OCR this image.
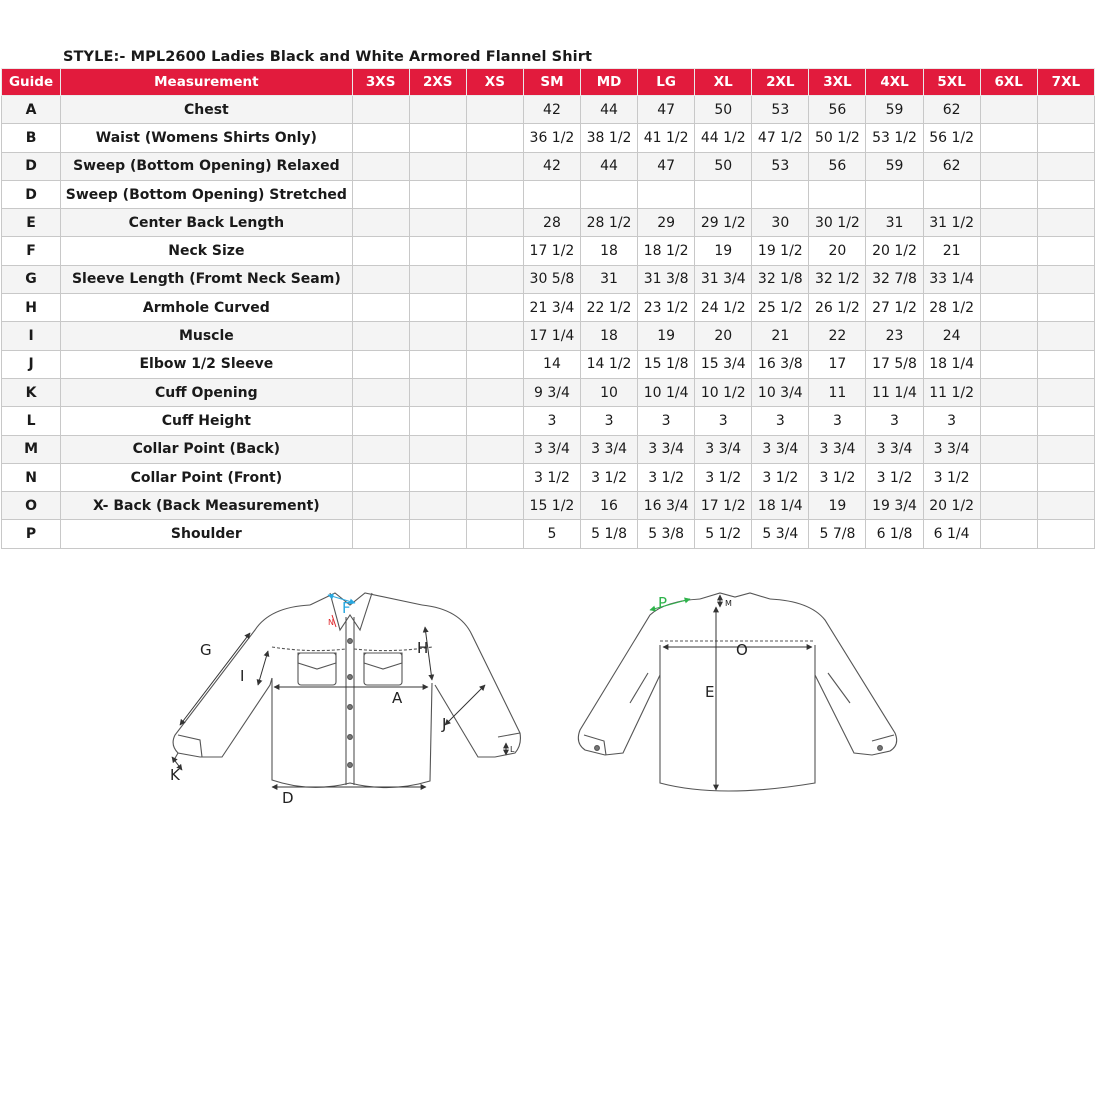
STYLE:- MPL2600 Ladies Black and White Armored Flannel Shirt
Guide	Measurement	3XS	2XS	XS	SM	MD	LG	XL	2XL	3XL	4XL	5XL	6XL	7XL
A	Chest				42	44	47	50	53	56	59	62		
B	Waist (Womens Shirts Only)				36 1/2	38 1/2	41 1/2	44 1/2	47 1/2	50 1/2	53 1/2	56 1/2		
D	Sweep (Bottom Opening) Relaxed				42	44	47	50	53	56	59	62		
D	Sweep (Bottom Opening) Stretched													
E	Center Back Length				28	28 1/2	29	29 1/2	30	30 1/2	31	31 1/2		
F	Neck Size				17 1/2	18	18 1/2	19	19 1/2	20	20 1/2	21		
G	Sleeve Length (Fromt Neck Seam)				30 5/8	31	31 3/8	31 3/4	32 1/8	32 1/2	32 7/8	33 1/4		
H	Armhole Curved				21 3/4	22 1/2	23 1/2	24 1/2	25 1/2	26 1/2	27 1/2	28 1/2		
I	Muscle				17 1/4	18	19	20	21	22	23	24		
J	Elbow 1/2 Sleeve				14	14 1/2	15 1/8	15 3/4	16 3/8	17	17 5/8	18 1/4		
K	Cuff Opening				9 3/4	10	10 1/4	10 1/2	10 3/4	11	11 1/4	11 1/2		
L	Cuff Height				3	3	3	3	3	3	3	3		
M	Collar Point (Back)				3 3/4	3 3/4	3 3/4	3 3/4	3 3/4	3 3/4	3 3/4	3 3/4		
N	Collar Point (Front)				3 1/2	3 1/2	3 1/2	3 1/2	3 1/2	3 1/2	3 1/2	3 1/2		
O	X- Back (Back Measurement)				15 1/2	16	16 3/4	17 1/2	18 1/4	19	19 3/4	20 1/2		
P	Shoulder				5	5 1/8	5 3/8	5 1/2	5 3/4	5 7/8	6 1/8	6 1/4		
A
D
F
G	H
I
J
K
L
N
O
E
M
P
